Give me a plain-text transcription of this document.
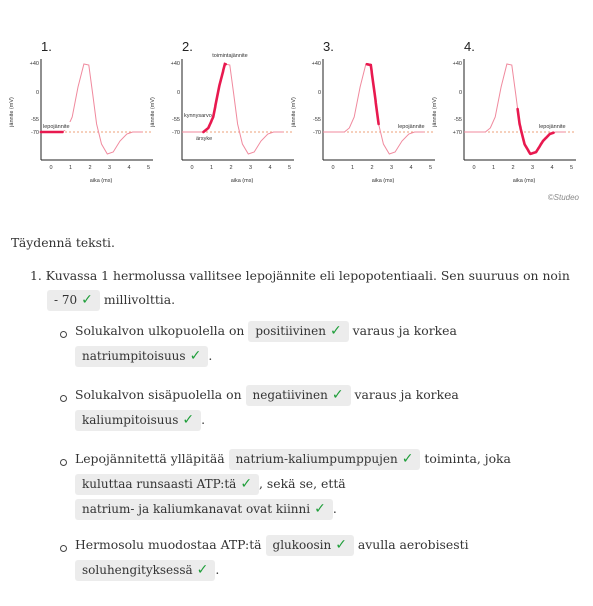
1.
jännite (mV)
+40
0
-55
-70
0	1	2	3	4	5
aika (ms)
lepojännite
2.
jännite (mV)
+40
0
-55
-70
0	1	2	3	4	5
aika (ms)
toimintajännite
kynnysarvo
ärsyke
3.
jännite (mV)
+40
0
-55
-70
0	1	2	3	4	5
aika (ms)
lepojännite
4.
jännite (mV)
+40
0
-55
+70
0	1	2	3	4	5
aika (ms)
lepojännite
©Studeo
Täydennä teksti.
1. Kuvassa 1 hermolussa vallitsee lepojännite eli lepopotentiaali. Sen suuruus on noin
- 70 ✓ millivolttia.
Solukalvon ulkopuolella on positiivinen ✓ varaus ja korkea
natriumpitoisuus ✓ .
Solukalvon sisäpuolella on negatiivinen ✓ varaus ja korkea
kaliumpitoisuus ✓ .
Lepojännitettä ylläpitää natrium-kaliumpumppujen ✓ toiminta, joka
kuluttaa runsaasti ATP:tä ✓ , sekä se, että
natrium- ja kaliumkanavat ovat kiinni ✓ .
Hermosolu muodostaa ATP:tä glukoosin ✓ avulla aerobisesti
soluhengityksessä ✓ .
